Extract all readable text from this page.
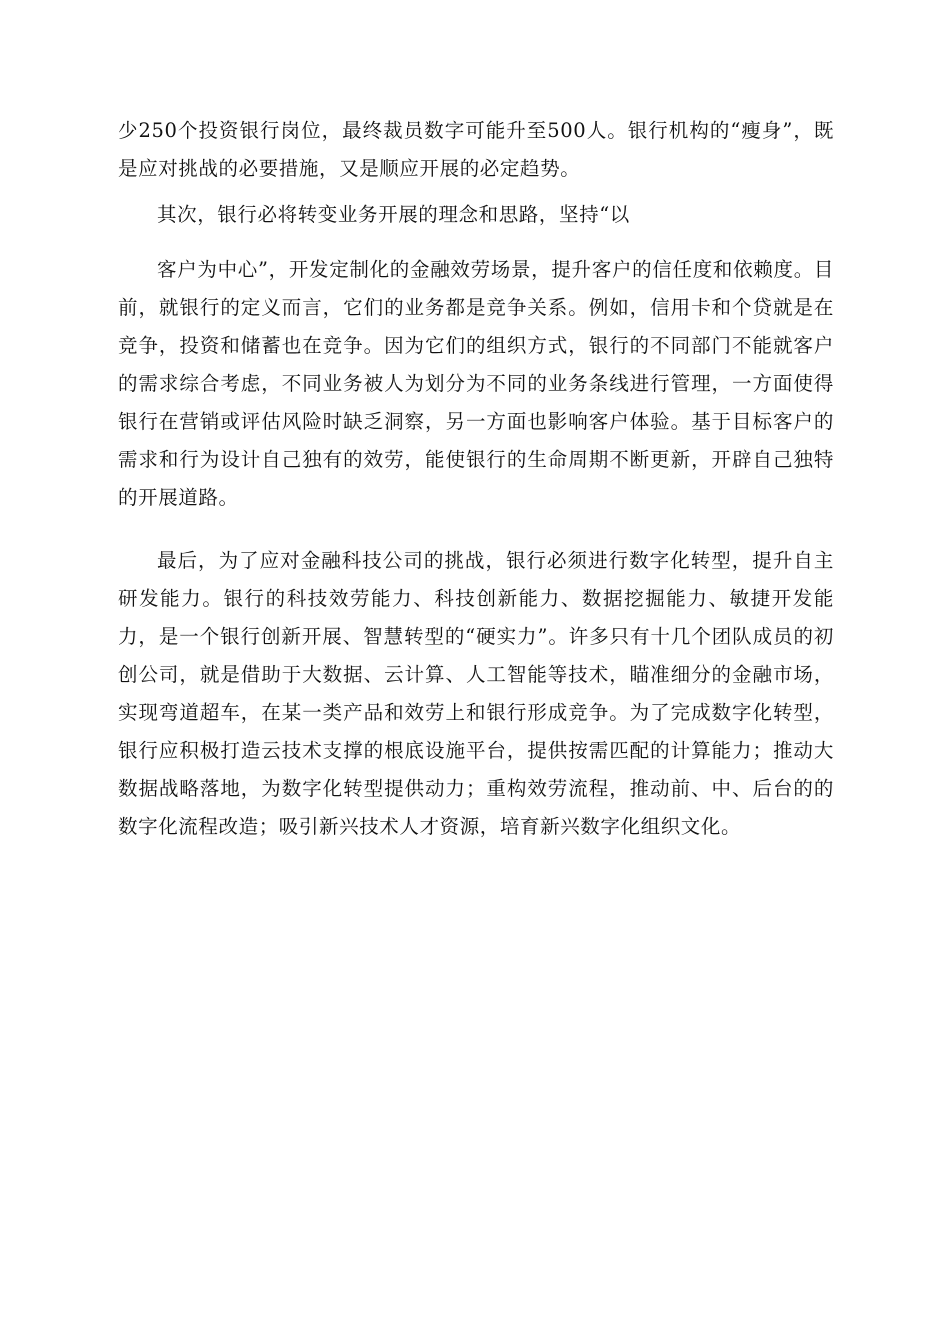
少250个投资银行岗位，最终裁员数字可能升至500人。银行机构的“瘦身”，既是应对挑战的必要措施，又是顺应开展的必定趋势。

其次，银行必将转变业务开展的理念和思路，坚持“以

客户为中心”，开发定制化的金融效劳场景，提升客户的信任度和依赖度。目前，就银行的定义而言，它们的业务都是竞争关系。例如，信用卡和个贷就是在竞争，投资和储蓄也在竞争。因为它们的组织方式，银行的不同部门不能就客户的需求综合考虑，不同业务被人为划分为不同的业务条线进行管理，一方面使得银行在营销或评估风险时缺乏洞察，另一方面也影响客户体验。基于目标客户的需求和行为设计自己独有的效劳，能使银行的生命周期不断更新，开辟自己独特的开展道路。

最后，为了应对金融科技公司的挑战，银行必须进行数字化转型，提升自主研发能力。银行的科技效劳能力、科技创新能力、数据挖掘能力、敏捷开发能力，是一个银行创新开展、智慧转型的“硬实力”。许多只有十几个团队成员的初创公司，就是借助于大数据、云计算、人工智能等技术，瞄准细分的金融市场，实现弯道超车，在某一类产品和效劳上和银行形成竞争。为了完成数字化转型，银行应积极打造云技术支撑的根底设施平台，提供按需匹配的计算能力；推动大数据战略落地，为数字化转型提供动力；重构效劳流程，推动前、中、后台的的数字化流程改造；吸引新兴技术人才资源，培育新兴数字化组织文化。
